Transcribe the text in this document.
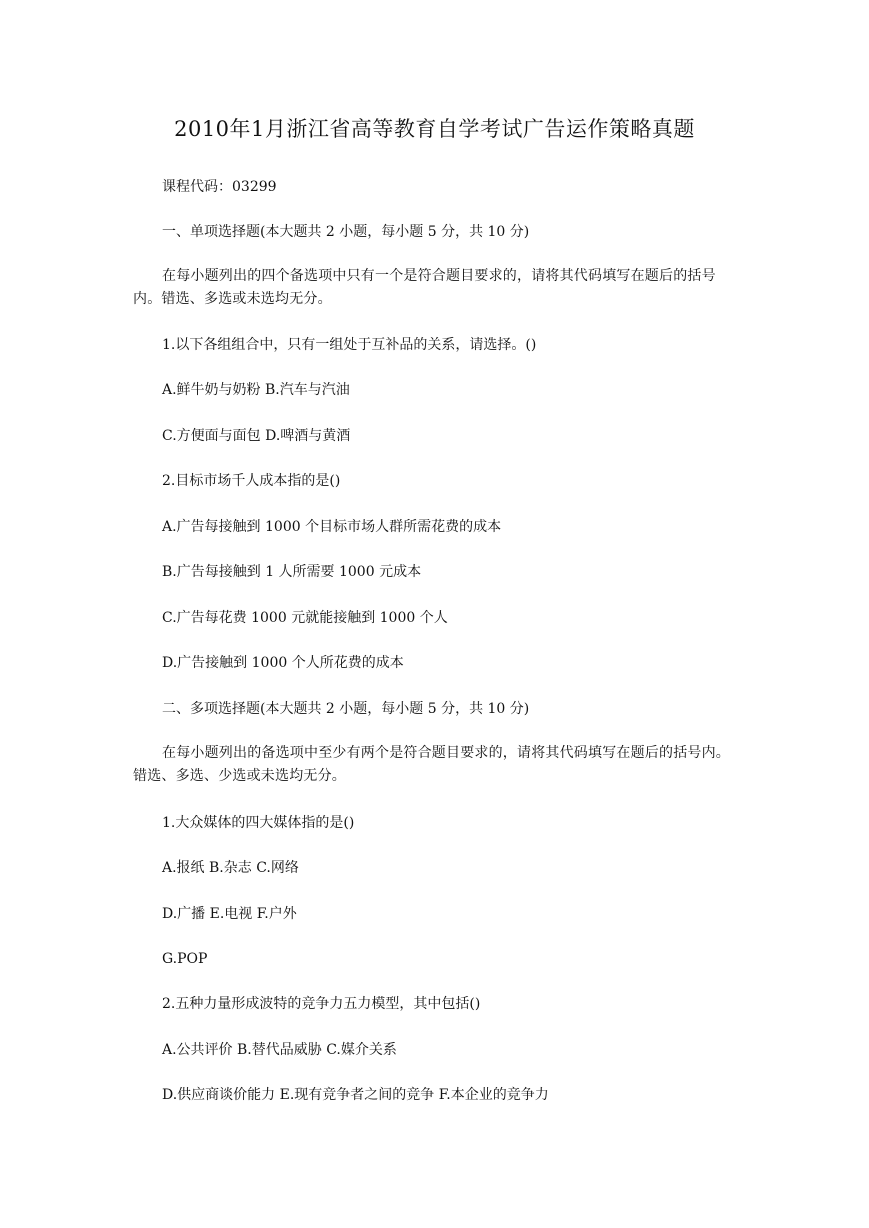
2010年1月浙江省高等教育自学考试广告运作策略真题

课程代码：03299

一、单项选择题(本大题共 2 小题，每小题 5 分，共 10 分)

在每小题列出的四个备选项中只有一个是符合题目要求的，请将其代码填写在题后的括号内。错选、多选或未选均无分。

1.以下各组组合中，只有一组处于互补品的关系，请选择。()

A.鲜牛奶与奶粉 B.汽车与汽油

C.方便面与面包 D.啤酒与黄酒

2.目标市场千人成本指的是()

A.广告每接触到 1000 个目标市场人群所需花费的成本

B.广告每接触到 1 人所需要 1000 元成本

C.广告每花费 1000 元就能接触到 1000 个人

D.广告接触到 1000 个人所花费的成本

二、多项选择题(本大题共 2 小题，每小题 5 分，共 10 分)

在每小题列出的备选项中至少有两个是符合题目要求的，请将其代码填写在题后的括号内。错选、多选、少选或未选均无分。

1.大众媒体的四大媒体指的是()

A.报纸 B.杂志 C.网络

D.广播 E.电视 F.户外

G.POP

2.五种力量形成波特的竞争力五力模型，其中包括()

A.公共评价 B.替代品威胁 C.媒介关系

D.供应商谈价能力 E.现有竞争者之间的竞争 F.本企业的竞争力
